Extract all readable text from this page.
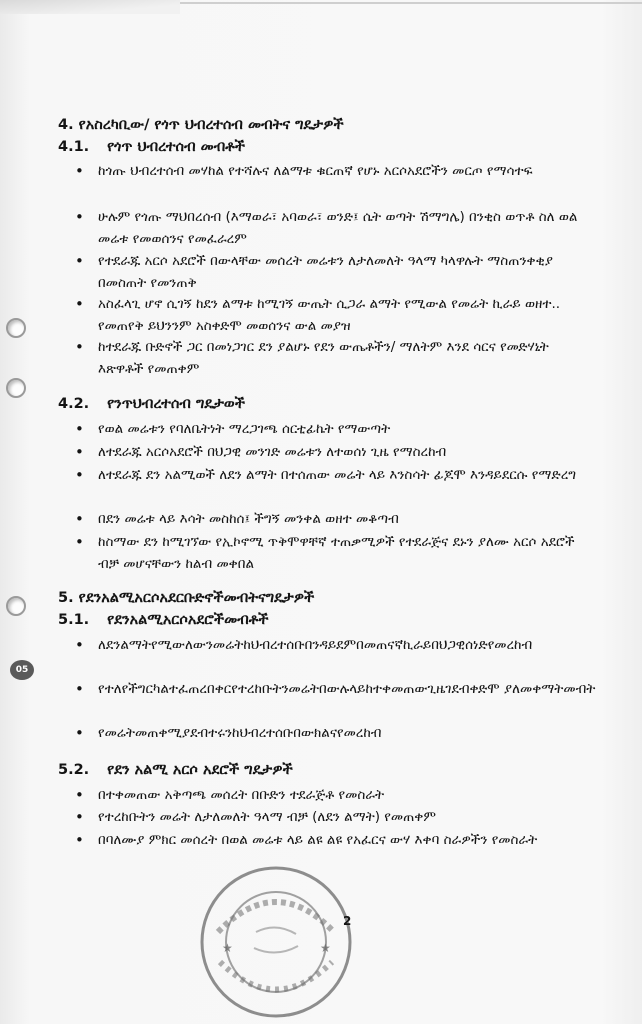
05
4. የአስረካቢው/ የጎጥ ህብረተሰብ መብትና ግዴታዎች
4.1. የጎጥ ህብረተሰብ መብቶች
• ከጎጡ ህብረተሰብ መሃከል የተሻሉና ለልማቱ ቁርጠኛ የሆኑ አርሶአደሮችን መርጦ የማሳተፍ
• ሁሉም የጎጡ ማህበረሰብ (እማወራ፣ አባወራ፣ ወንድ፤ ሴት ወጣት ሽማግሌ) በንቂስ ወጥቶ ስለ ወል መሬቱ የመወሰንና የመፈራረም
• የተደራጁ አርሶ አደሮች በውላቸው መሰረት መሬቱን ለታለመለት ዓላማ ካላዋሉት ማስጠንቀቂያ በመስጠት የመንጠቅ
• አስፈላጊ ሆኖ ሲገኝ ከደን ልማቱ ከሚገኝ ውጤት ሲጋራ ልማት የሚውል የመሬት ኪራይ ወዘተ.. የመጠየቅ ይህንንም አስቀድሞ መወሰንና ውል መያዝ
• ከተደራጁ ቡድኖች ጋር በመነጋገር ደን ያልሆኑ የደን ውጤቶችን/ ማለትም እንደ ሳርና የመድሃኒት እጽዋቶች የመጠቀም
4.2. የንጥህብረተሰብ ግዴታወች
• የወል መሬቱን የባለቤትነት ማረጋገጫ ሰርቲፊኬት የማውጣት
• ለተደራጁ አርሶአደሮች በህጋዊ መንገድ መሬቱን ለተወሰነ ጊዜ የማስረከብ
• ለተደራጁ ደን አልሚወች ለደን ልማት በተሰጠው መሬት ላይ እንስሳት ፊጆሞ እንዳይደርሱ የማድረግ
• በደን መሬቱ ላይ እሳት መስከሰ፤ ችግኝ መንቀል ወዘተ መቆጣብ
• ከስማው ደን ከሚገኘው የኢኮኖሚ ጥቅሞዋቸኛ ተጠቃሚዎች የተደራጅና ደኑን ያለሙ አርሶ አደሮች ብቻ መሆናቸውን ከልብ መቀበል
5. የደንአልሚአርሶአደርቡድኖችመብትናግዴታዎች
5.1. የደንአልሚአርሶአደሮችመብቶች
• ለደንልማትየሚውለውንመሬትከህብረተሰቡበንዳይደምበመጠናኛኪራይበህጋዊሰነድየመረከብ
• የተለየችግርካልተፈጠረበቀርየተረከቡትንመሬትበውሉላይከተቀመጠውጊዜገደብቀድሞ ያለመቀማትመብት
• የመሬትመጠቀሚያደብተሩንከህብረተሰቡበውክልናየመረከብ
5.2. የደን አልሚ አርሶ አደሮች ግዴታዎች
• በተቀመጠው አቅጣጫ መሰረት በቡድን ተደራጅቶ የመስራት
• የተረከቡትን መሬት ለታለመለት ዓላማ ብቻ (ለደን ልማት) የመጠቀም
• በባለሙያ ምክር መሰረት በወል መሬቱ ላይ ልዩ ልዩ የአፈርና ውሃ እቀባ ስራዎችን የመስራት
★	★
2
